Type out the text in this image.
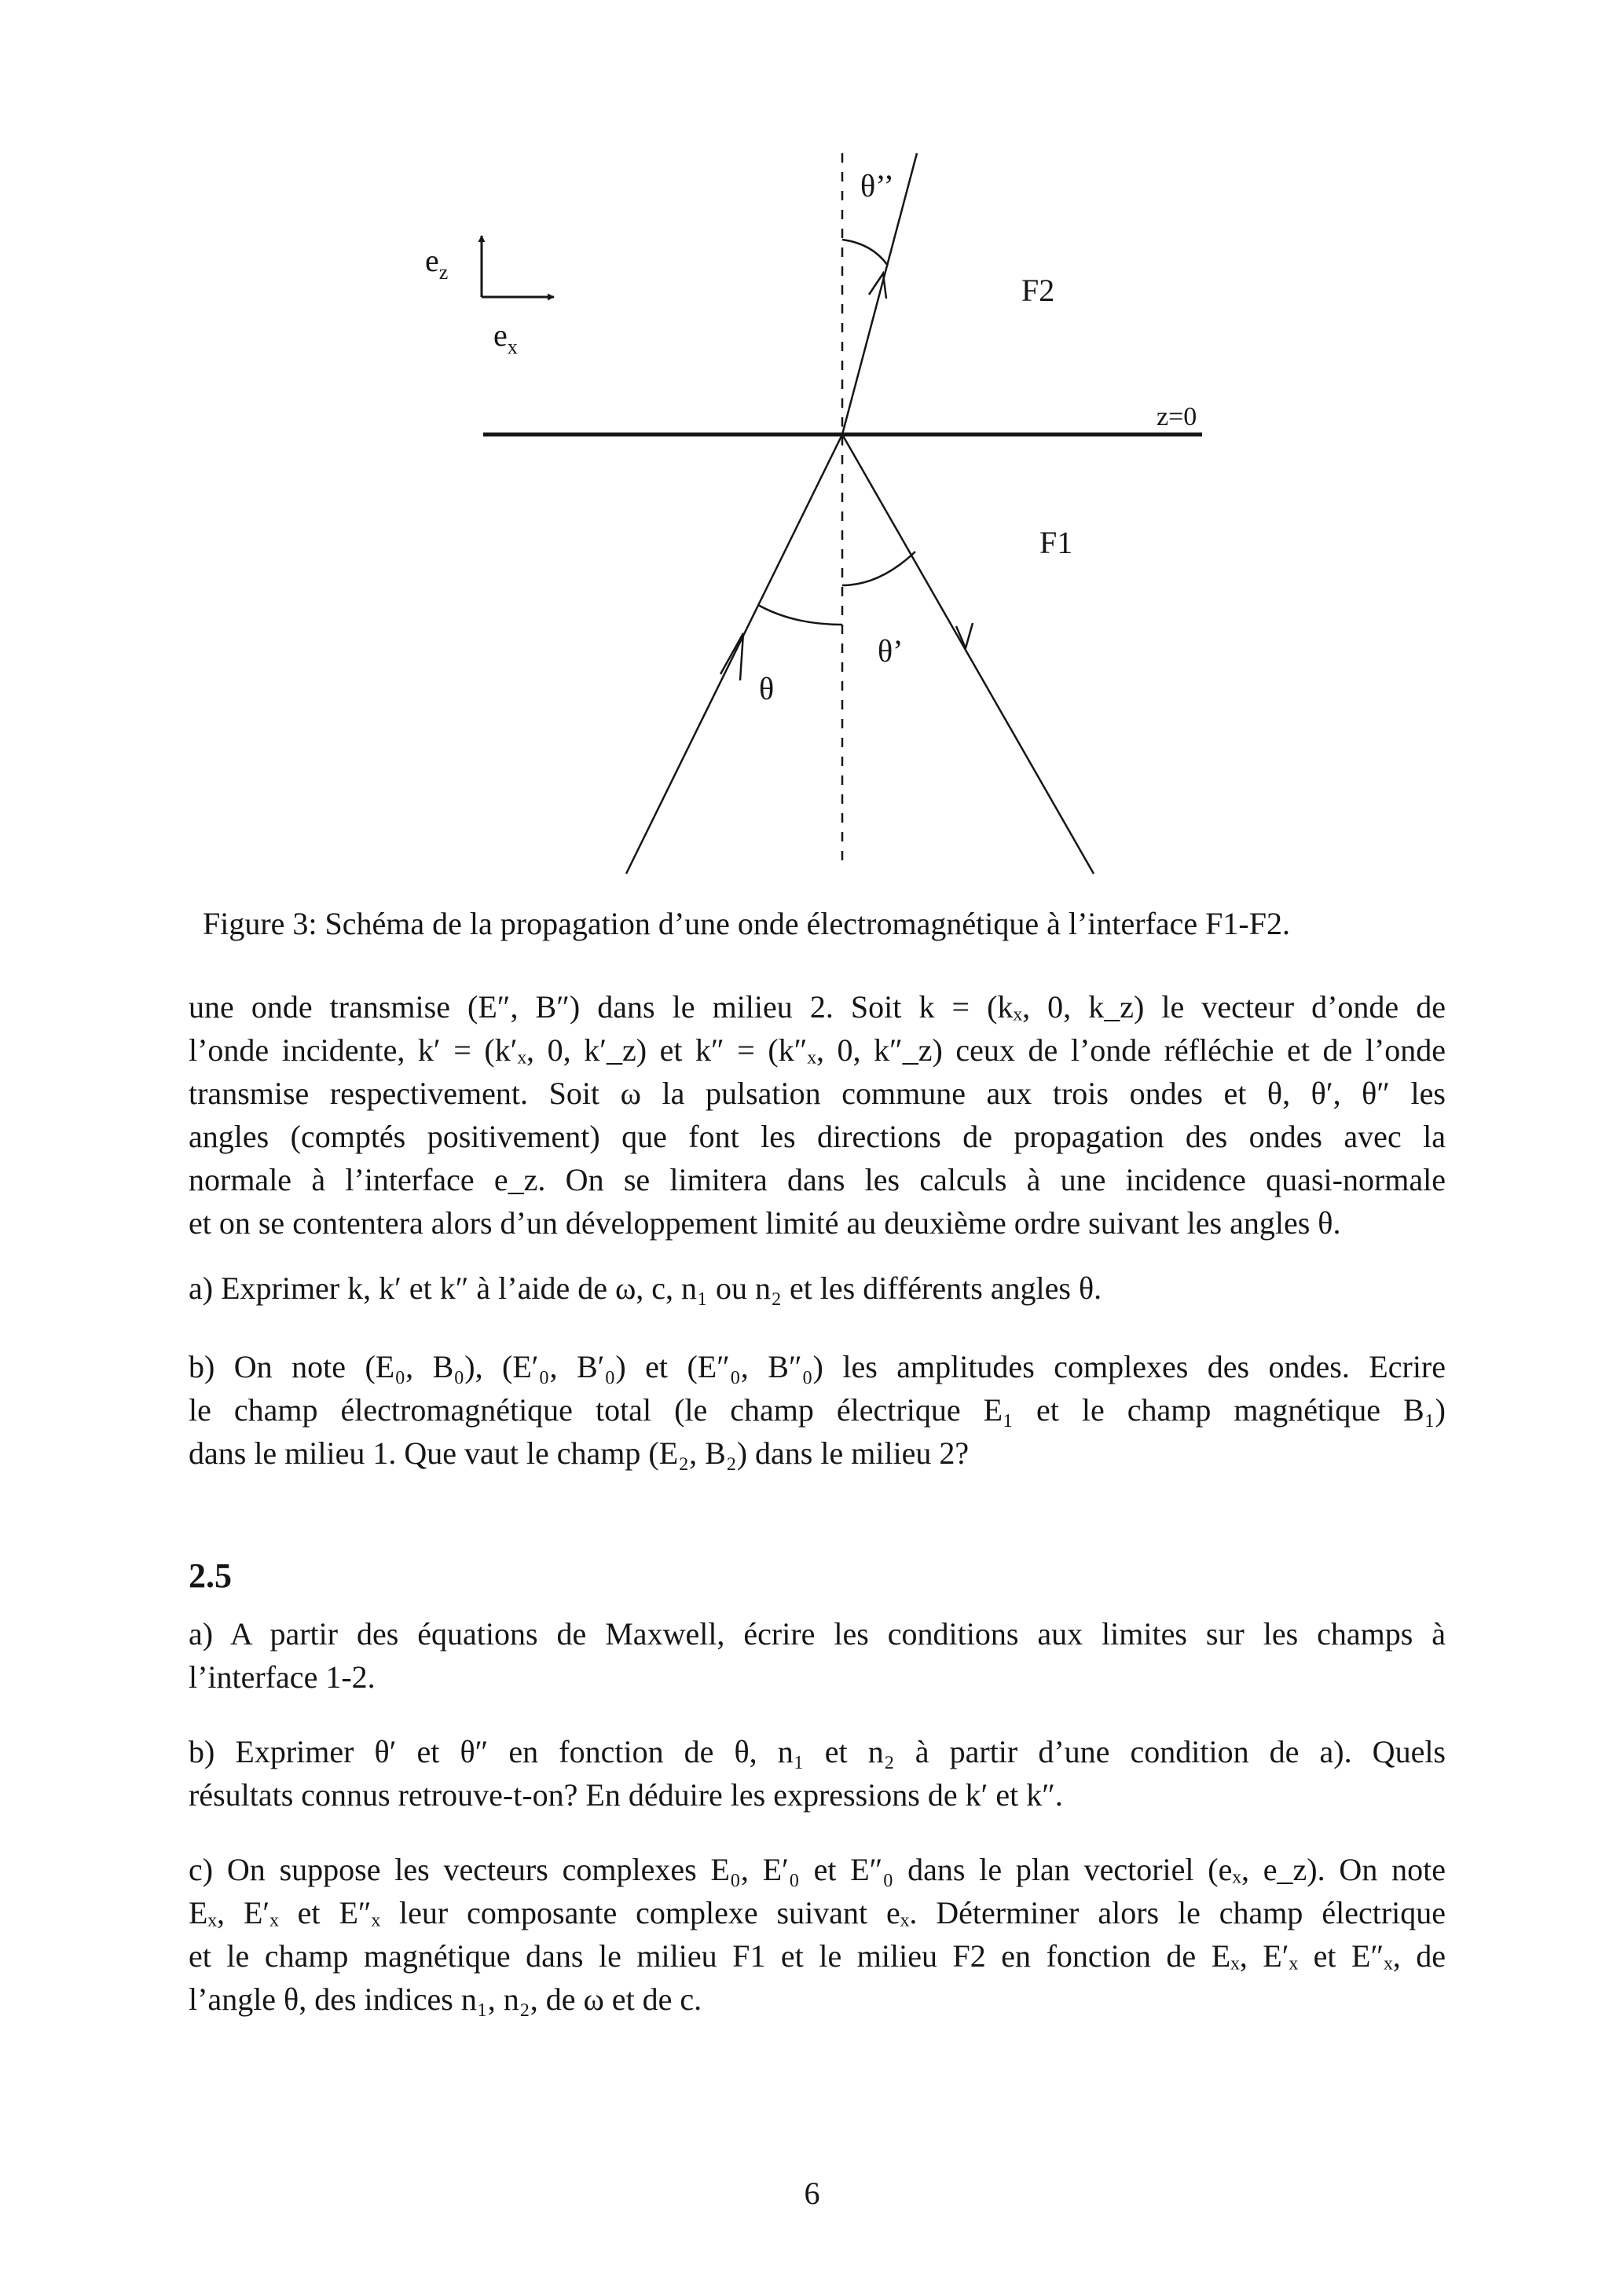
$e_z$
$e_x$
z=0
θ’’
θ
θ’
F2
F1
Figure 3: Schéma de la propagation d’une onde électromagnétique à l’interface F1-F2.
une onde transmise (E″, B″) dans le milieu 2. Soit k = (kₓ, 0, k_z) le vecteur d’onde de
l’onde incidente, k′ = (k′ₓ, 0, k′_z) et k″ = (k″ₓ, 0, k″_z) ceux de l’onde réfléchie et de l’onde
transmise respectivement. Soit ω la pulsation commune aux trois ondes et θ, θ′, θ″ les
angles (comptés positivement) que font les directions de propagation des ondes avec la
normale à l’interface e_z. On se limitera dans les calculs à une incidence quasi-normale
et on se contentera alors d’un développement limité au deuxième ordre suivant les angles θ.
a) Exprimer k, k′ et k″ à l’aide de ω, c, n₁ ou n₂ et les différents angles θ.
b) On note (E₀, B₀), (E′₀, B′₀) et (E″₀, B″₀) les amplitudes complexes des ondes. Ecrire
le champ électromagnétique total (le champ électrique E₁ et le champ magnétique B₁)
dans le milieu 1. Que vaut le champ (E₂, B₂) dans le milieu 2?
2.5
a) A partir des équations de Maxwell, écrire les conditions aux limites sur les champs à
l’interface 1-2.
b) Exprimer θ′ et θ″ en fonction de θ, n₁ et n₂ à partir d’une condition de a). Quels
résultats connus retrouve-t-on? En déduire les expressions de k′ et k″.
c) On suppose les vecteurs complexes E₀, E′₀ et E″₀ dans le plan vectoriel (eₓ, e_z). On note
Eₓ, E′ₓ et E″ₓ leur composante complexe suivant eₓ. Déterminer alors le champ électrique
et le champ magnétique dans le milieu F1 et le milieu F2 en fonction de Eₓ, E′ₓ et E″ₓ, de
l’angle θ, des indices n₁, n₂, de ω et de c.
6
